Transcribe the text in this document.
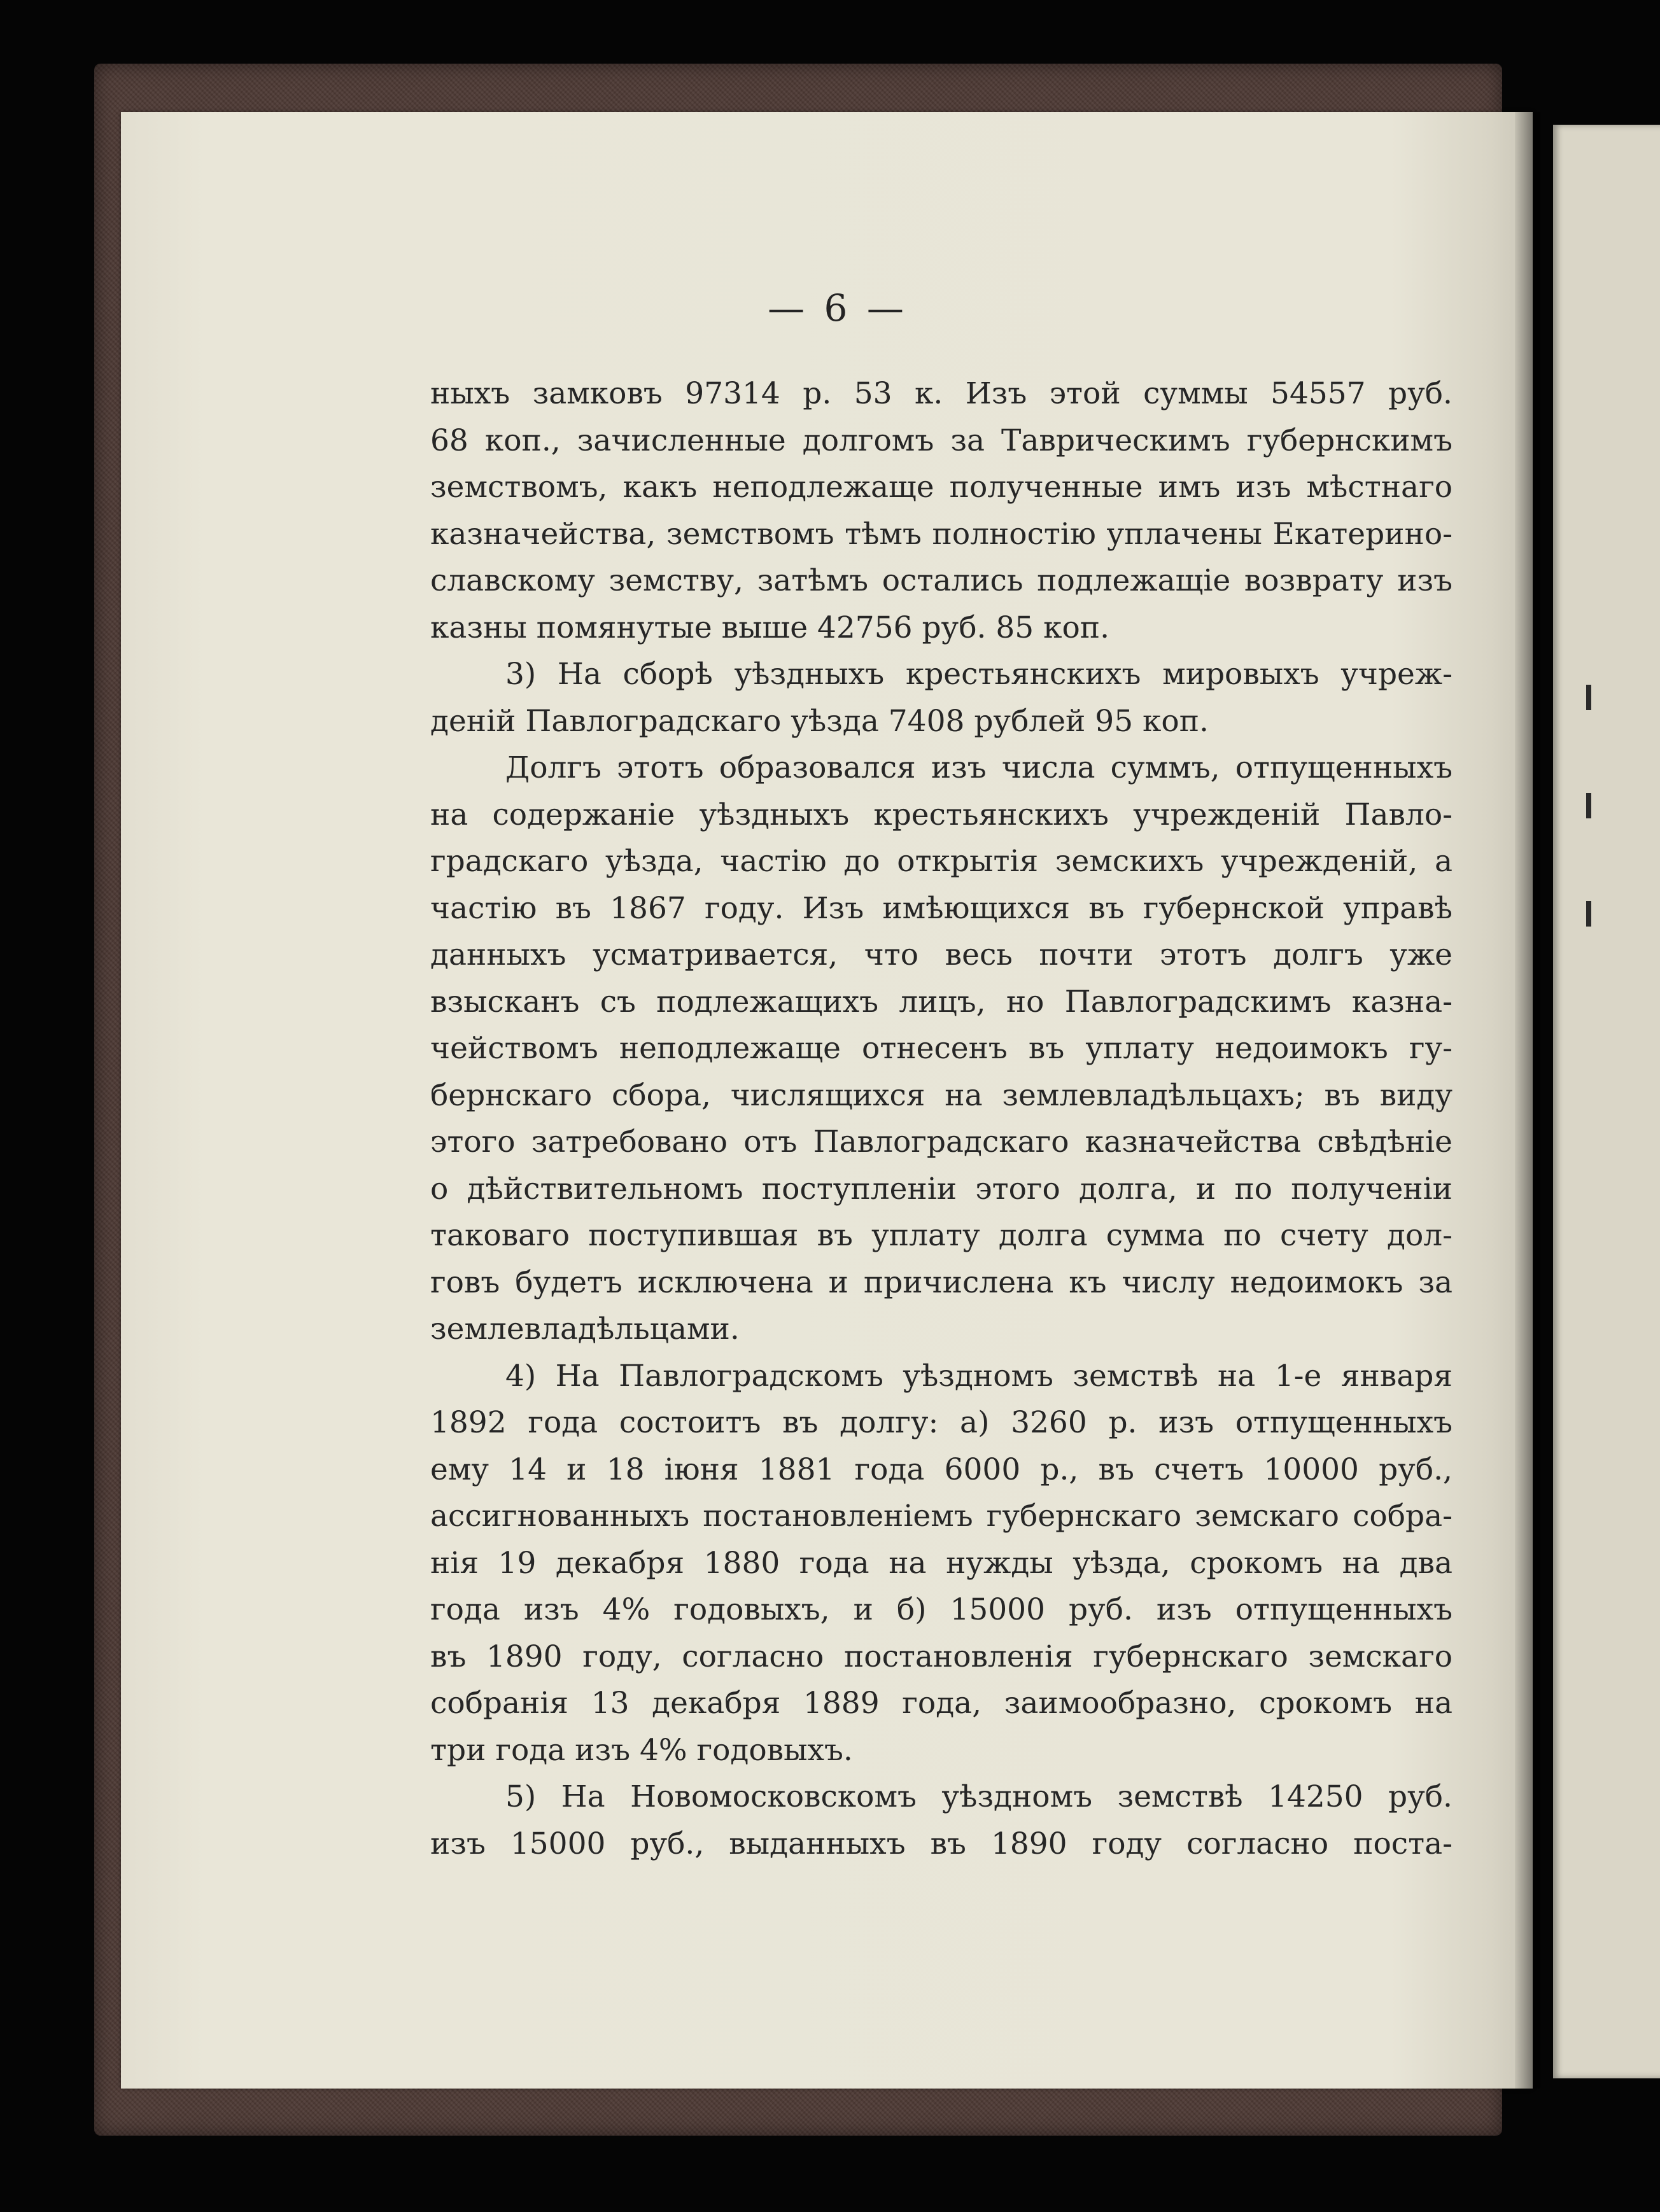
— 6 —
ныхъ замковъ 97314 р. 53 к. Изъ этой суммы 54557 руб.
68 коп., зачисленные долгомъ за Таврическимъ губернскимъ
земствомъ, какъ неподлежаще полученные имъ изъ мѣстнаго
казначейства, земствомъ тѣмъ полностію уплачены Екатерино-
славскому земству, затѣмъ остались подлежащіе возврату изъ
казны помянутые выше 42756 руб. 85 коп.
3) На сборѣ уѣздныхъ крестьянскихъ мировыхъ учреж-
деній Павлоградскаго уѣзда 7408 рублей 95 коп.
Долгъ этотъ образовался изъ числа суммъ, отпущенныхъ
на содержаніе уѣздныхъ крестьянскихъ учрежденій Павло-
градскаго уѣзда, частію до открытія земскихъ учрежденій, а
частію въ 1867 году. Изъ имѣющихся въ губернской управѣ
данныхъ усматривается, что весь почти этотъ долгъ уже
взысканъ съ подлежащихъ лицъ, но Павлоградскимъ казна-
чействомъ неподлежаще отнесенъ въ уплату недоимокъ гу-
бернскаго сбора, числящихся на землевладѣльцахъ; въ виду
этого затребовано отъ Павлоградскаго казначейства свѣдѣніе
о дѣйствительномъ поступленіи этого долга, и по полученіи
таковаго поступившая въ уплату долга сумма по счету дол-
говъ будетъ исключена и причислена къ числу недоимокъ за
землевладѣльцами.
4) На Павлоградскомъ уѣздномъ земствѣ на 1-е января
1892 года состоитъ въ долгу: а) 3260 р. изъ отпущенныхъ
ему 14 и 18 іюня 1881 года 6000 р., въ счетъ 10000 руб.,
ассигнованныхъ постановленіемъ губернскаго земскаго собра-
нія 19 декабря 1880 года на нужды уѣзда, срокомъ на два
года изъ 4% годовыхъ, и б) 15000 руб. изъ отпущенныхъ
въ 1890 году, согласно постановленія губернскаго земскаго
собранія 13 декабря 1889 года, заимообразно, срокомъ на
три года изъ 4% годовыхъ.
5) На Новомосковскомъ уѣздномъ земствѣ 14250 руб.
изъ 15000 руб., выданныхъ въ 1890 году согласно поста-
